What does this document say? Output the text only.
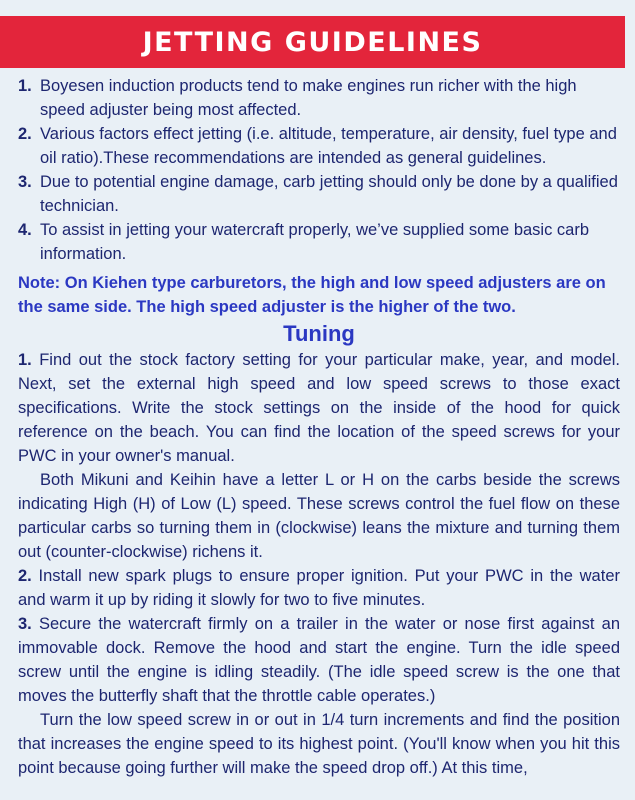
JETTING GUIDELINES
1. Boyesen induction products tend to make engines run richer with the high speed adjuster being most affected.
2. Various factors effect jetting (i.e. altitude, temperature, air density, fuel type and oil ratio).These recommendations are intended as general guidelines.
3. Due to potential engine damage, carb jetting should only be done by a qualified technician.
4. To assist in jetting your watercraft properly, we’ve supplied some basic carb information.
Note: On Kiehen type carburetors, the high and low speed adjusters are on the same side. The high speed adjuster is the higher of the two.
Tuning

1. Find out the stock factory setting for your particular make, year, and model. Next, set the external high speed and low speed screws to those exact specifications. Write the stock settings on the inside of the hood for quick reference on the beach. You can find the location of the speed screws for your PWC in your owner's manual.

Both Mikuni and Keihin have a letter L or H on the carbs beside the screws indicating High (H) of Low (L) speed. These screws control the fuel flow on these particular carbs so turning them in (clockwise) leans the mixture and turning them out (counter-clockwise) richens it.

2. Install new spark plugs to ensure proper ignition. Put your PWC in the water and warm it up by riding it slowly for two to five minutes.

3. Secure the watercraft firmly on a trailer in the water or nose first against an immovable dock. Remove the hood and start the engine. Turn the idle speed screw until the engine is idling steadily. (The idle speed screw is the one that moves the butterfly shaft that the throttle cable operates.)

Turn the low speed screw in or out in 1/4 turn increments and find the position that increases the engine speed to its highest point. (You'll know when you hit this point because going further will make the speed drop off.) At this time,
